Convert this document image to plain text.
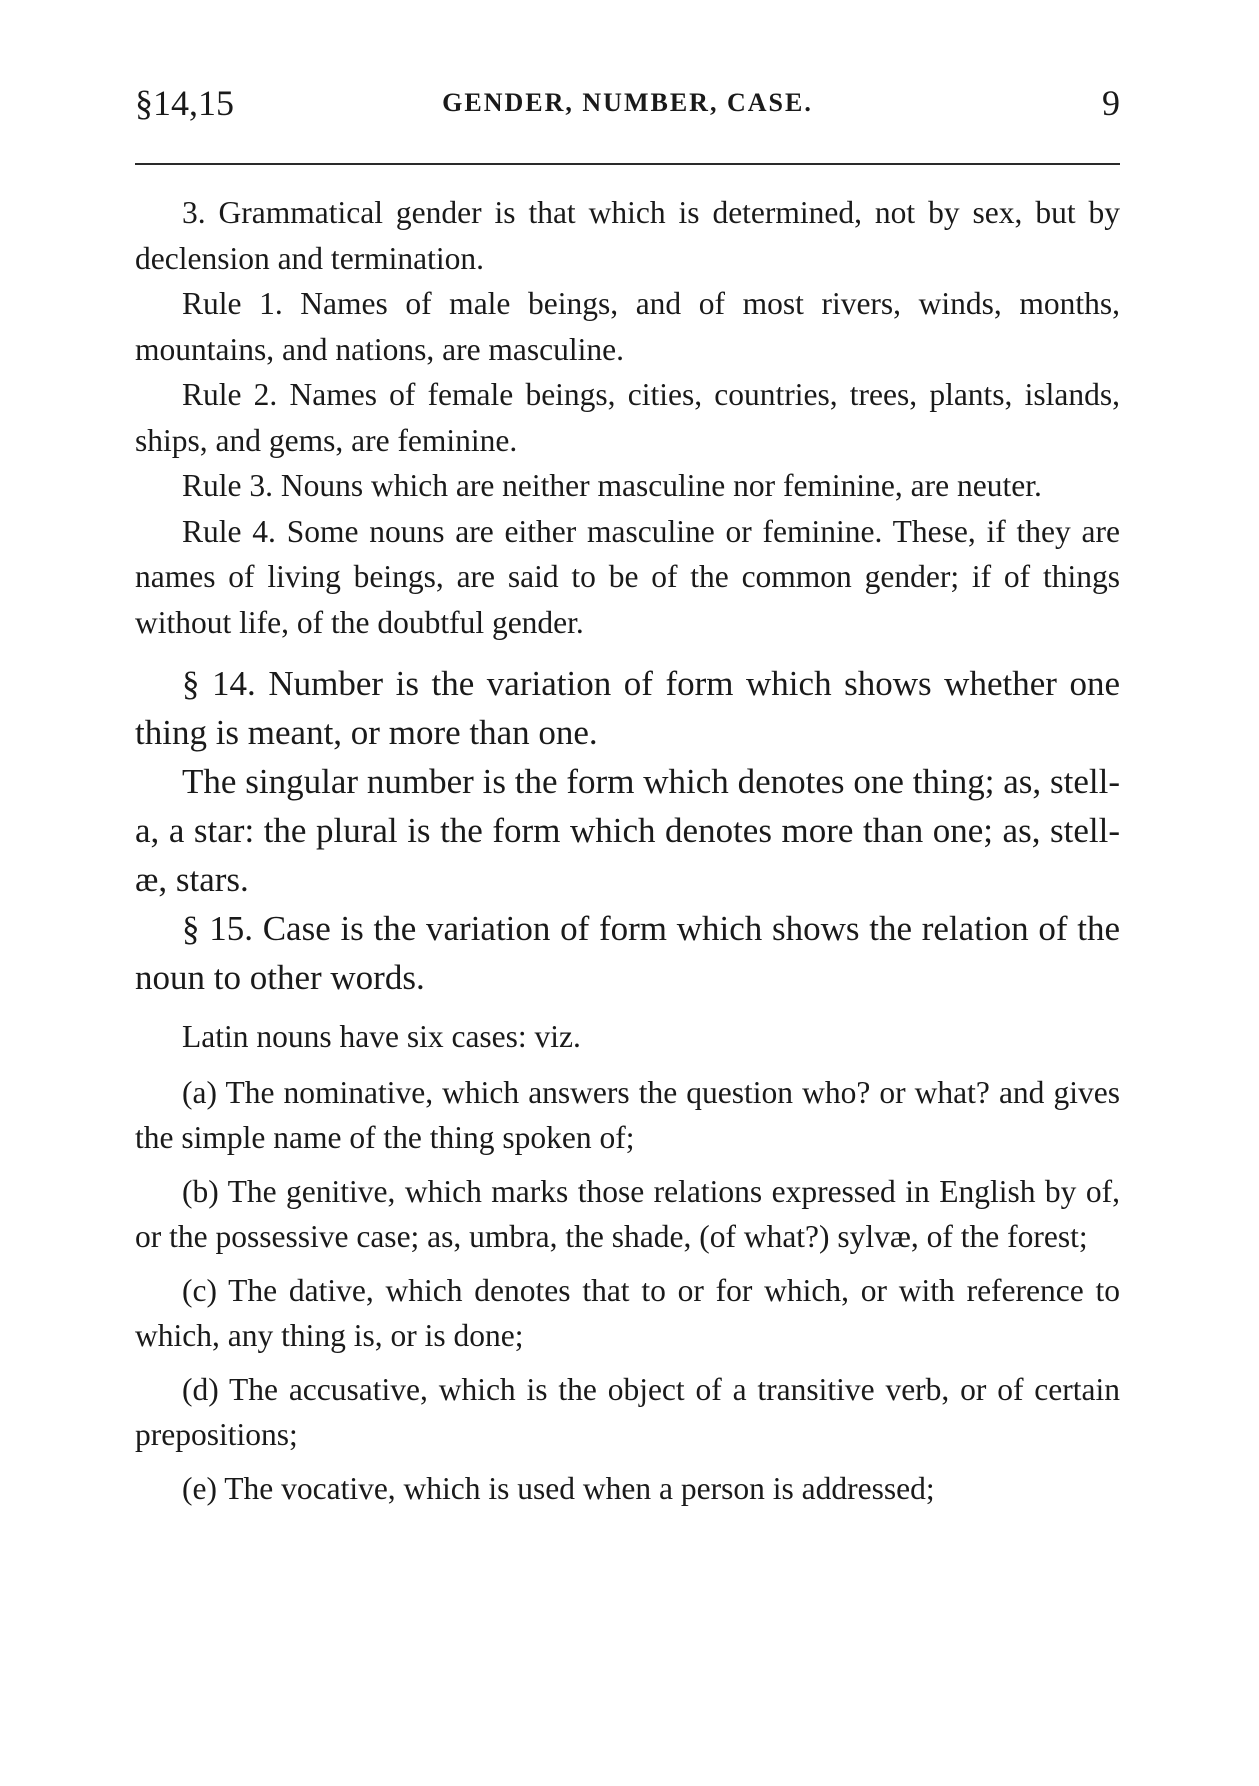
§14,15	GENDER, NUMBER, CASE.	9

3. Grammatical gender is that which is determined, not by sex, but by declension and termination.

Rule 1. Names of male beings, and of most rivers, winds, months, mountains, and nations, are masculine.

Rule 2. Names of female beings, cities, countries, trees, plants, islands, ships, and gems, are feminine.

Rule 3. Nouns which are neither masculine nor feminine, are neuter.

Rule 4. Some nouns are either masculine or feminine. These, if they are names of living beings, are said to be of the common gender; if of things without life, of the doubtful gender.

§ 14. Number is the variation of form which shows whether one thing is meant, or more than one.

The singular number is the form which denotes one thing; as, stell-a, a star: the plural is the form which denotes more than one; as, stell-æ, stars.

§ 15. Case is the variation of form which shows the relation of the noun to other words.

Latin nouns have six cases: viz.

(a) The nominative, which answers the question who? or what? and gives the simple name of the thing spoken of;

(b) The genitive, which marks those relations expressed in English by of, or the possessive case; as, umbra, the shade, (of what?) sylvæ, of the forest;

(c) The dative, which denotes that to or for which, or with reference to which, any thing is, or is done;

(d) The accusative, which is the object of a transitive verb, or of certain prepositions;

(e) The vocative, which is used when a person is addressed;
